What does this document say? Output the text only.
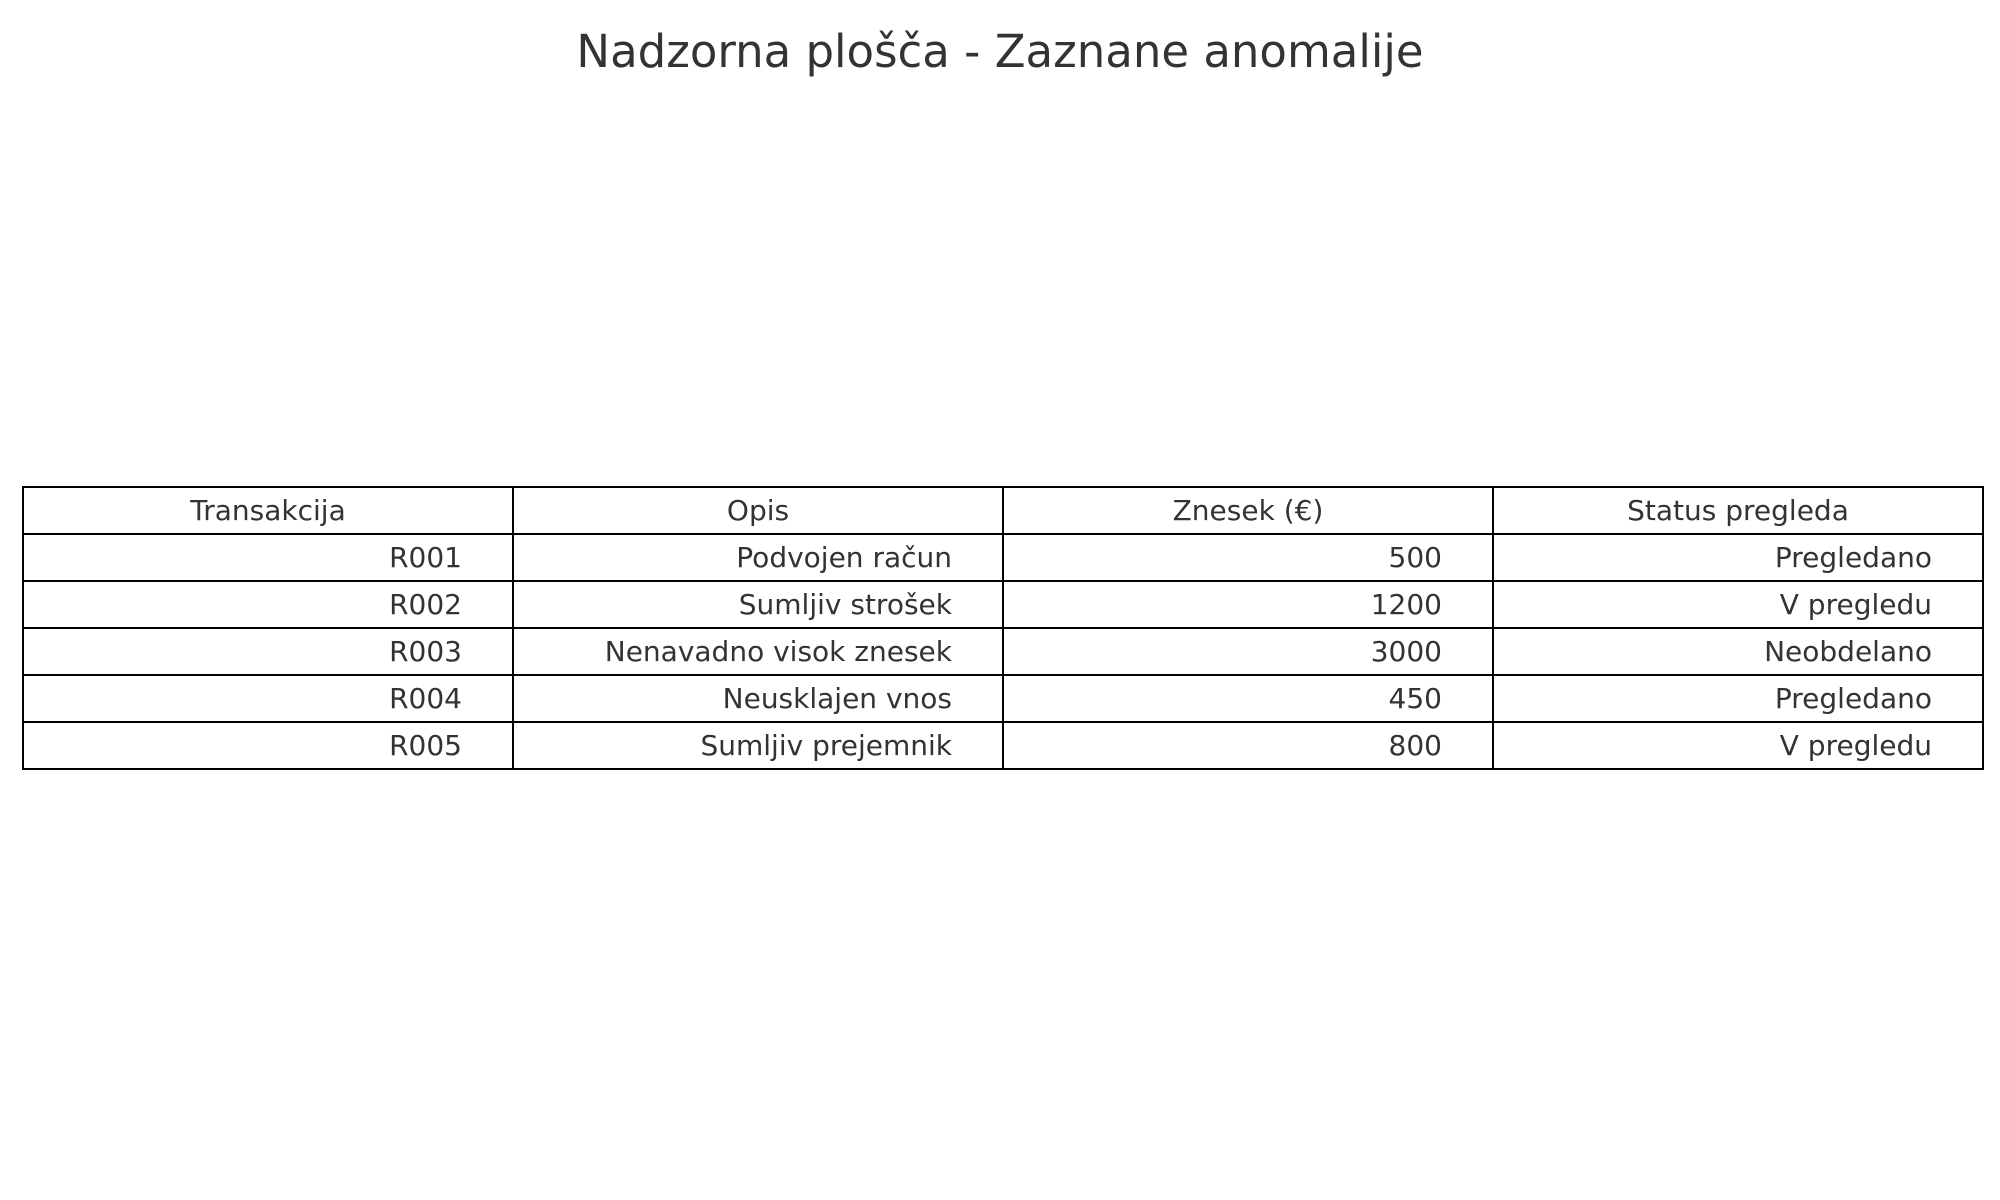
Nadzorna plošča - Zaznane anomalije
Transakcija	Opis	Znesek (€)	Status pregleda
R001	Podvojen račun	500	Pregledano
R002	Sumljiv strošek	1200	V pregledu
R003	Nenavadno visok znesek	3000	Neobdelano
R004	Neusklajen vnos	450	Pregledano
R005	Sumljiv prejemnik	800	V pregledu
